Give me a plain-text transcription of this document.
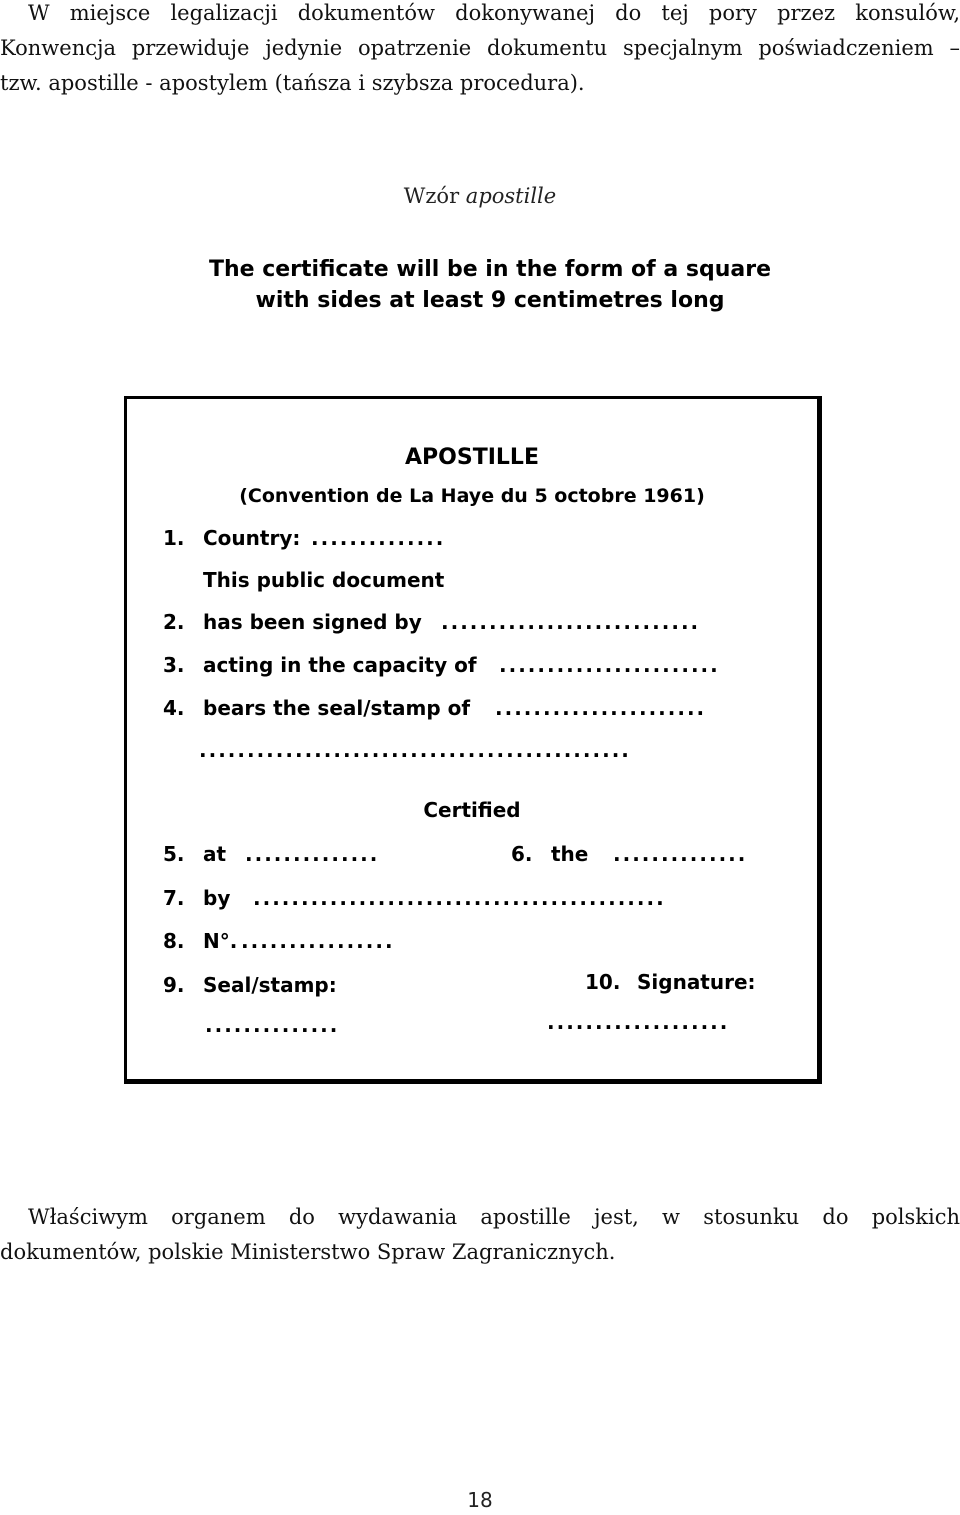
W miejsce legalizacji dokumentów dokonywanej do tej pory przez konsulów,
Konwencja przewiduje jedynie opatrzenie dokumentu specjalnym poświadczeniem –
tzw. apostille - apostylem (tańsza i szybsza procedura).
Wzór apostille
The certificate will be in the form of a square
with sides at least 9 centimetres long
APOSTILLE
(Convention de La Haye du 5 octobre 1961)
1. Country: ..............
This public document
2. has been signed by ...........................
3. acting in the capacity of .......................
4. bears the seal/stamp of ......................
.............................................
Certified
5. at ..............	6. the ..............
7. by ...........................................
8. N°. ................
9. Seal/stamp:	10. Signature:
..............	...................
Właściwym organem do wydawania apostille jest, w stosunku do polskich
dokumentów, polskie Ministerstwo Spraw Zagranicznych.
18
